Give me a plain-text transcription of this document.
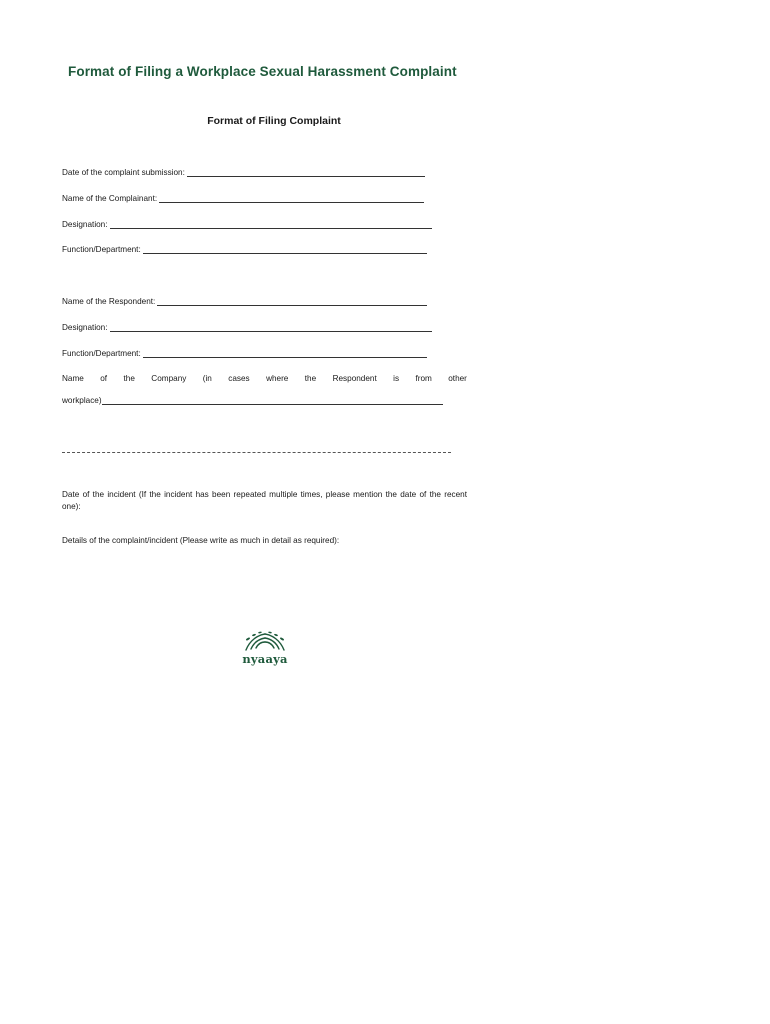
Format of Filing a Workplace Sexual Harassment Complaint
Format of Filing Complaint
Date of the complaint submission:
Name of the Complainant:
Designation:
Function/Department:
Name of the Respondent:
Designation:
Function/Department:
Name of the Company (in cases where the Respondent is from other
workplace)
Date of the incident (If the incident has been repeated multiple times, please mention the date of the recent one):
Details of the complaint/incident (Please write as much in detail as required):
nyaaya
